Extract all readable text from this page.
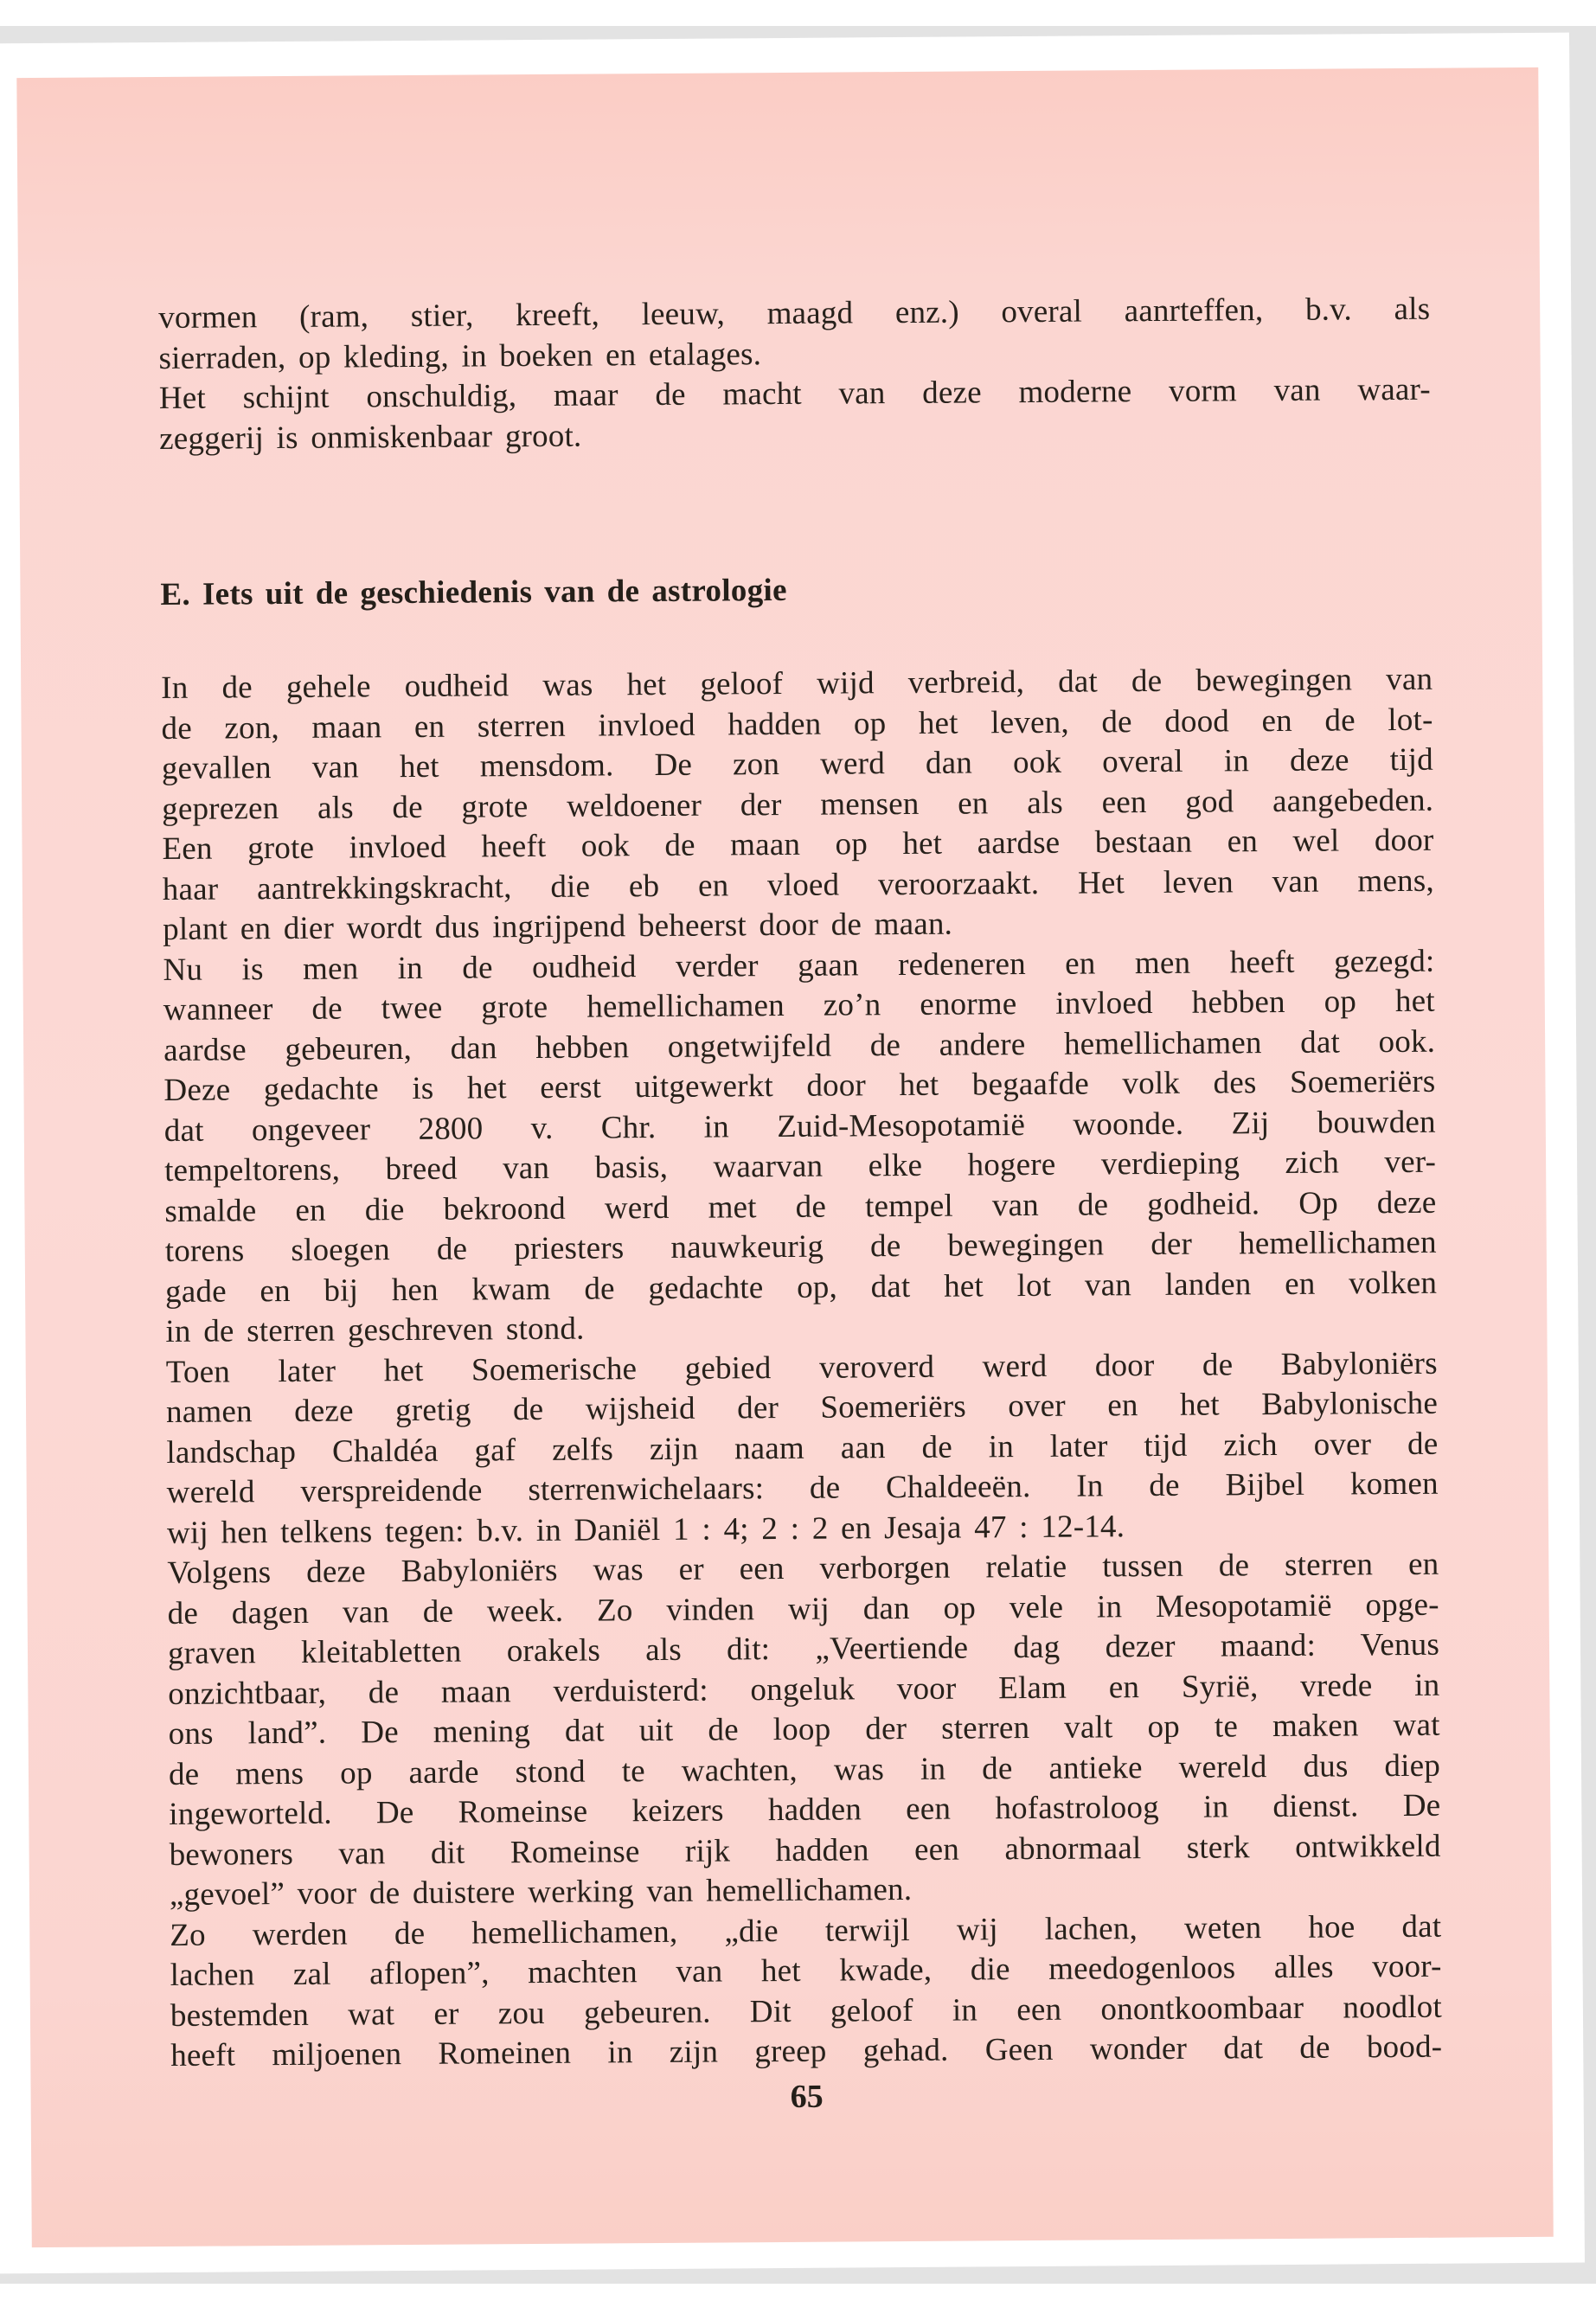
vormen (ram, stier, kreeft, leeuw, maagd enz.) overal aanrteffen, b.v. als
sierraden, op kleding, in boeken en etalages.
Het schijnt onschuldig, maar de macht van deze moderne vorm van waar-
zeggerij is onmiskenbaar groot.
E. Iets uit de geschiedenis van de astrologie
In de gehele oudheid was het geloof wijd verbreid, dat de bewegingen van
de zon, maan en sterren invloed hadden op het leven, de dood en de lot-
gevallen van het mensdom. De zon werd dan ook overal in deze tijd
geprezen als de grote weldoener der mensen en als een god aangebeden.
Een grote invloed heeft ook de maan op het aardse bestaan en wel door
haar aantrekkingskracht, die eb en vloed veroorzaakt. Het leven van mens,
plant en dier wordt dus ingrijpend beheerst door de maan.
Nu is men in de oudheid verder gaan redeneren en men heeft gezegd:
wanneer de twee grote hemellichamen zo’n enorme invloed hebben op het
aardse gebeuren, dan hebben ongetwijfeld de andere hemellichamen dat ook.
Deze gedachte is het eerst uitgewerkt door het begaafde volk des Soemeriërs
dat ongeveer 2800 v. Chr. in Zuid-Mesopotamië woonde. Zij bouwden
tempeltorens, breed van basis, waarvan elke hogere verdieping zich ver-
smalde en die bekroond werd met de tempel van de godheid. Op deze
torens sloegen de priesters nauwkeurig de bewegingen der hemellichamen
gade en bij hen kwam de gedachte op, dat het lot van landen en volken
in de sterren geschreven stond.
Toen later het Soemerische gebied veroverd werd door de Babyloniërs
namen deze gretig de wijsheid der Soemeriërs over en het Babylonische
landschap Chaldéa gaf zelfs zijn naam aan de in later tijd zich over de
wereld verspreidende sterrenwichelaars: de Chaldeeën. In de Bijbel komen
wij hen telkens tegen: b.v. in Daniël 1 : 4; 2 : 2 en Jesaja 47 : 12-14.
Volgens deze Babyloniërs was er een verborgen relatie tussen de sterren en
de dagen van de week. Zo vinden wij dan op vele in Mesopotamië opge-
graven kleitabletten orakels als dit: „Veertiende dag dezer maand: Venus
onzichtbaar, de maan verduisterd: ongeluk voor Elam en Syrië, vrede in
ons land”. De mening dat uit de loop der sterren valt op te maken wat
de mens op aarde stond te wachten, was in de antieke wereld dus diep
ingeworteld. De Romeinse keizers hadden een hofastroloog in dienst. De
bewoners van dit Romeinse rijk hadden een abnormaal sterk ontwikkeld
„gevoel” voor de duistere werking van hemellichamen.
Zo werden de hemellichamen, „die terwijl wij lachen, weten hoe dat
lachen zal aflopen”, machten van het kwade, die meedogenloos alles voor-
bestemden wat er zou gebeuren. Dit geloof in een onontkoombaar noodlot
heeft miljoenen Romeinen in zijn greep gehad. Geen wonder dat de bood-
65
